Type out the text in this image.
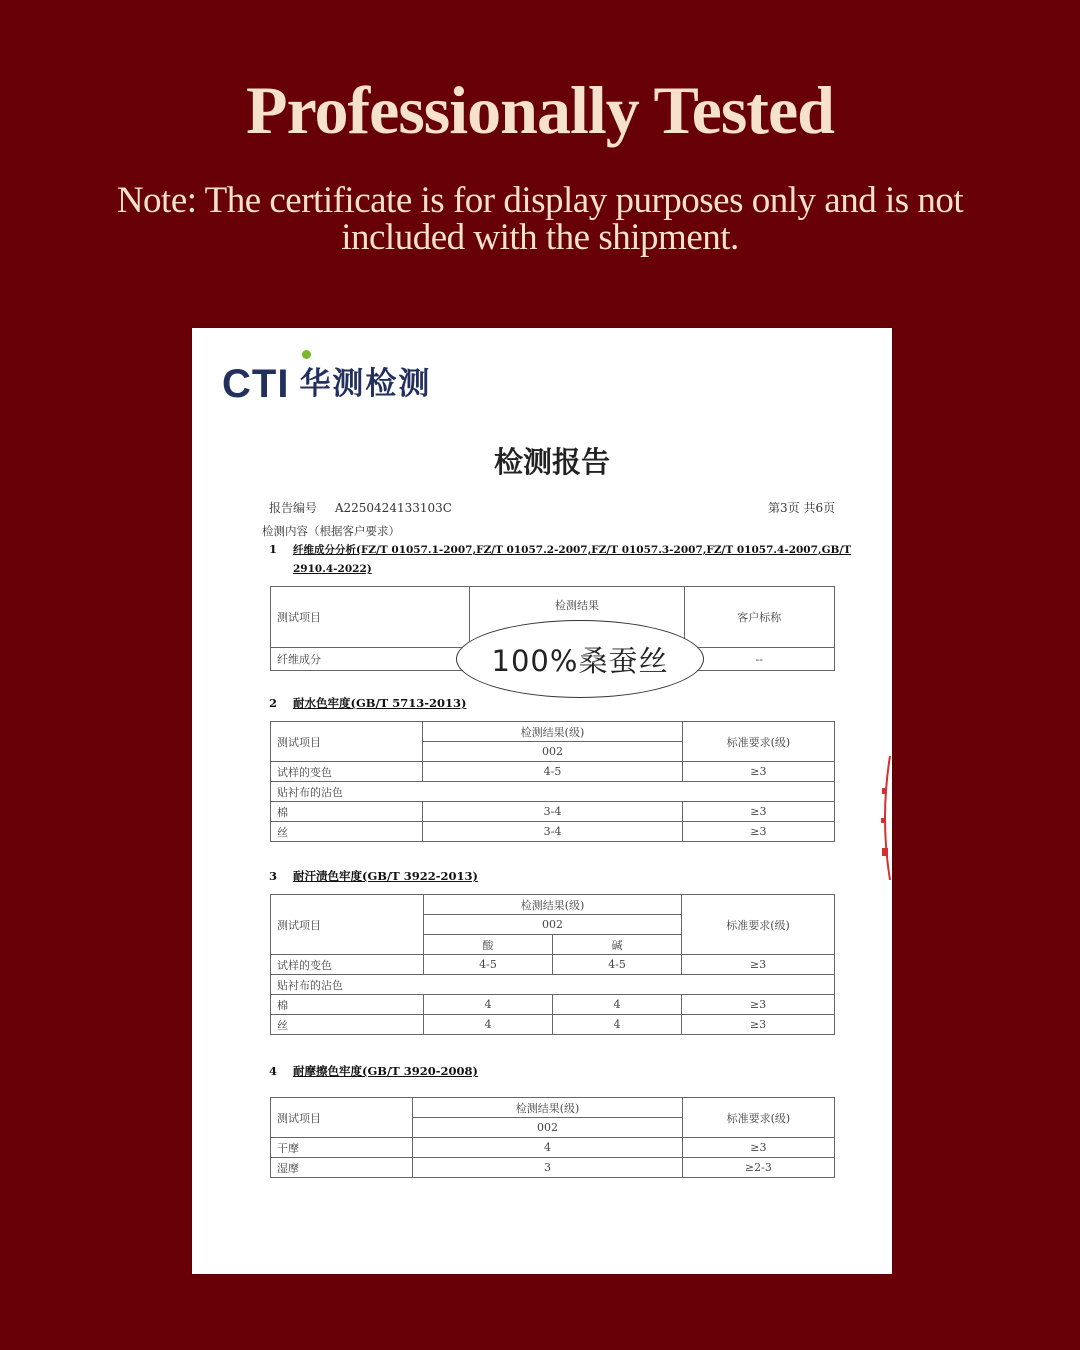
Professionally Tested
Note: The certificate is for display purposes only and is not included with the shipment.
CTI 华测检测
检测报告
报告编号 A2250424133103C	第3页 共6页
检测内容（根据客户要求）
1 纤维成分分析(FZ/T 01057.1-2007,FZ/T 01057.2-2007,FZ/T 01057.3-2007,FZ/T 01057.4-2007,GB/T
2910.4-2022)
测试项目	检测结果	客户标称
纤维成分		--
100%桑蚕丝
2 耐水色牢度(GB/T 5713-2013)
测试项目	检测结果(级)	标准要求(级)
	002	
试样的变色	4-5	≥3
贴衬布的沾色		
棉	3-4	≥3
丝	3-4	≥3
3 耐汗渍色牢度(GB/T 3922-2013)
测试项目	检测结果(级)		标准要求(级)
	002		
	酸	碱	
试样的变色	4-5	4-5	≥3
贴衬布的沾色			
棉	4	4	≥3
丝	4	4	≥3
4 耐摩擦色牢度(GB/T 3920-2008)
测试项目	检测结果(级)	标准要求(级)
	002	
干摩	4	≥3
湿摩	3	≥2-3
